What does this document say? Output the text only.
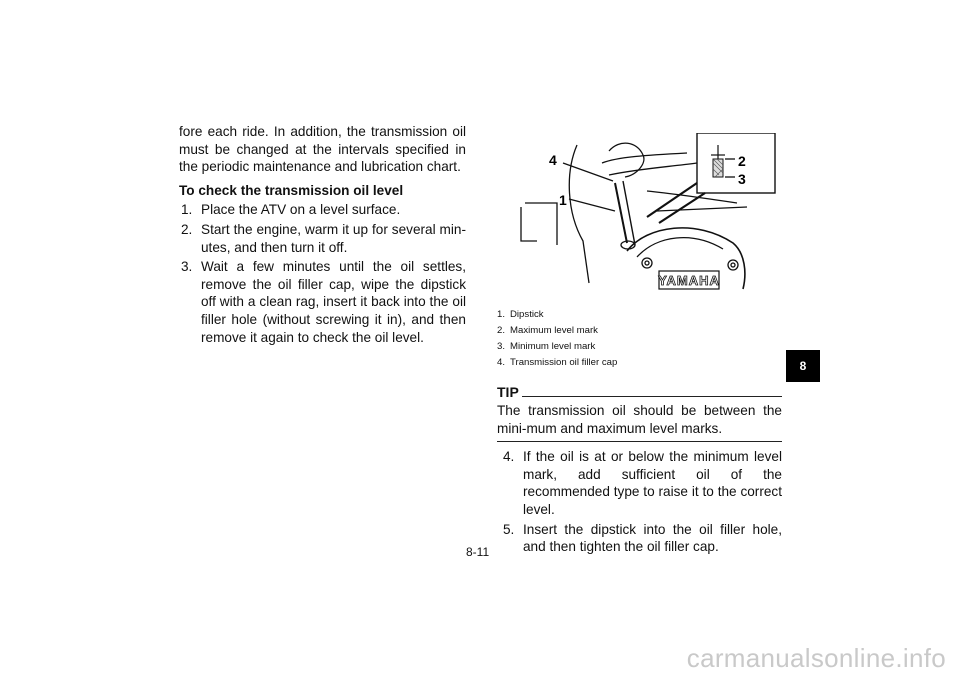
fore each ride. In addition, the transmission oil must be changed at the intervals specified in the periodic maintenance and lubrication chart.

To check the transmission oil level
1. Place the ATV on a level surface.
2. Start the engine, warm it up for several min-utes, and then turn it off.
3. Wait a few minutes until the oil settles, remove the oil filler cap, wipe the dipstick off with a clean rag, insert it back into the oil filler hole (without screwing it in), and then remove it again to check the oil level.
YAMAHA
4
1
2
3
1. Dipstick
2. Maximum level mark
3. Minimum level mark
4. Transmission oil filler cap
TIP

The transmission oil should be between the mini-mum and maximum level marks.

4. If the oil is at or below the minimum level mark, add sufficient oil of the recommended type to raise it to the correct level.
5. Insert the dipstick into the oil filler hole, and then tighten the oil filler cap.
8
8-11
carmanualsonline.info
